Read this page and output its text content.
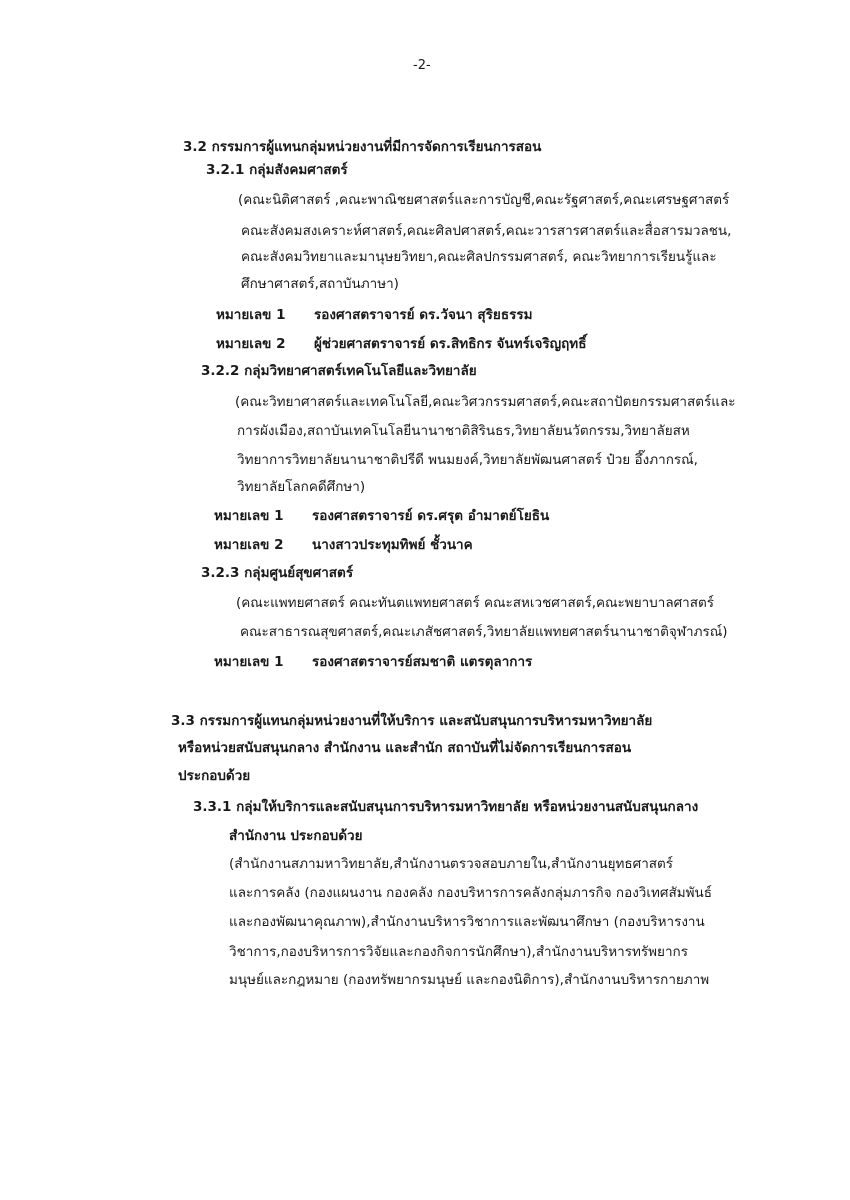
-2-
3.2 กรรมการผู้แทนกลุ่มหน่วยงานที่มีการจัดการเรียนการสอน
3.2.1 กลุ่มสังคมศาสตร์
(คณะนิติศาสตร์ ,คณะพาณิชยศาสตร์และการบัญชี,คณะรัฐศาสตร์,คณะเศรษฐศาสตร์
คณะสังคมสงเคราะห์ศาสตร์,คณะศิลปศาสตร์,คณะวารสารศาสตร์และสื่อสารมวลชน,
คณะสังคมวิทยาและมานุษยวิทยา,คณะศิลปกรรมศาสตร์, คณะวิทยาการเรียนรู้และ
ศึกษาศาสตร์,สถาบันภาษา)
หมายเลข 1 รองศาสตราจารย์ ดร.วัจนา สุริยธรรม
หมายเลข 2 ผู้ช่วยศาสตราจารย์ ดร.สิทธิกร จันทร์เจริญฤทธิ์
3.2.2 กลุ่มวิทยาศาสตร์เทคโนโลยีและวิทยาลัย
(คณะวิทยาศาสตร์และเทคโนโลยี,คณะวิศวกรรมศาสตร์,คณะสถาปัตยกรรมศาสตร์และ
การผังเมือง,สถาบันเทคโนโลยีนานาชาติสิรินธร,วิทยาลัยนวัตกรรม,วิทยาลัยสห
วิทยาการวิทยาลัยนานาชาติปรีดี พนมยงค์,วิทยาลัยพัฒนศาสตร์ ป๋วย อึ๊งภากรณ์,
วิทยาลัยโลกคดีศึกษา)
หมายเลข 1 รองศาสตราจารย์ ดร.ศรุต อำมาตย์โยธิน
หมายเลข 2 นางสาวประทุมทิพย์ ชั้วนาค
3.2.3 กลุ่มศูนย์สุขศาสตร์
(คณะแพทยศาสตร์ คณะทันตแพทยศาสตร์ คณะสหเวชศาสตร์,คณะพยาบาลศาสตร์
คณะสาธารณสุขศาสตร์,คณะเภสัชศาสตร์,วิทยาลัยแพทยศาสตร์นานาชาติจุฬาภรณ์)
หมายเลข 1 รองศาสตราจารย์สมชาติ แตรตุลาการ
3.3 กรรมการผู้แทนกลุ่มหน่วยงานที่ให้บริการ และสนับสนุนการบริหารมหาวิทยาลัย
หรือหน่วยสนับสนุนกลาง สำนักงาน และสำนัก สถาบันที่ไม่จัดการเรียนการสอน
ประกอบด้วย
3.3.1 กลุ่มให้บริการและสนับสนุนการบริหารมหาวิทยาลัย หรือหน่วยงานสนับสนุนกลาง
สำนักงาน ประกอบด้วย
(สำนักงานสภามหาวิทยาลัย,สำนักงานตรวจสอบภายใน,สำนักงานยุทธศาสตร์
และการคลัง (กองแผนงาน กองคลัง กองบริหารการคลังกลุ่มภารกิจ กองวิเทศสัมพันธ์
และกองพัฒนาคุณภาพ),สำนักงานบริหารวิชาการและพัฒนาศึกษา (กองบริหารงาน
วิชาการ,กองบริหารการวิจัยและกองกิจการนักศึกษา),สำนักงานบริหารทรัพยากร
มนุษย์และกฎหมาย (กองทรัพยากรมนุษย์ และกองนิติการ),สำนักงานบริหารกายภาพ
